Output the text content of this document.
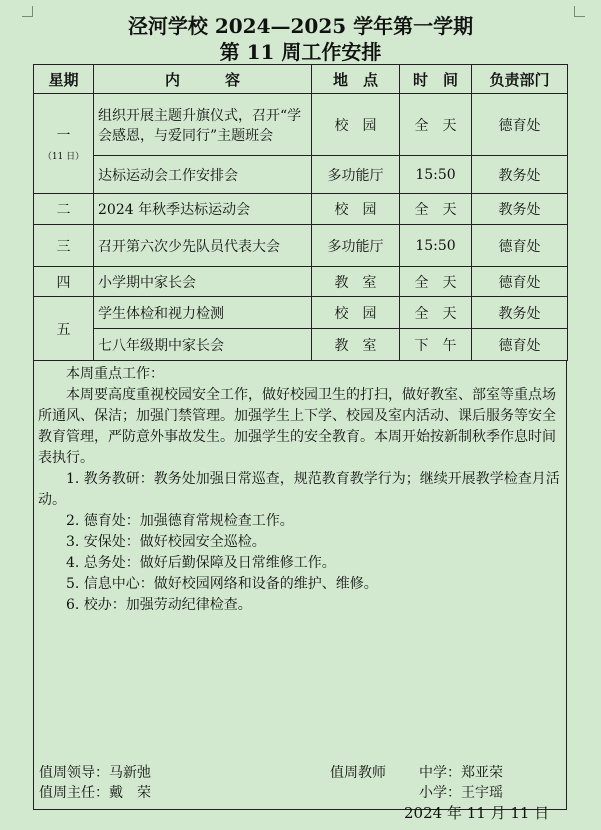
泾河学校 2024—2025 学年第一学期
第 11 周工作安排
星期	内　　　容	地　点	时　间	负责部门
一
（11 日）	组织开展主题升旗仪式，召开“学会感恩，与爱同行”主题班会	校　园	全　天	德育处
	达标运动会工作安排会	多功能厅	15:50	教务处
二	2024 年秋季达标运动会	校　园	全　天	教务处
三	召开第六次少先队员代表大会	多功能厅	15:50	德育处
四	小学期中家长会	教　室	全　天	德育处
五	学生体检和视力检测	校　园	全　天	教务处
	七八年级期中家长会	教　室	下　午	德育处

本周重点工作：

本周要高度重视校园安全工作，做好校园卫生的打扫，做好教室、部室等重点场所通风、保洁；加强门禁管理。加强学生上下学、校园及室内活动、课后服务等安全教育管理，严防意外事故发生。加强学生的安全教育。本周开始按新制秋季作息时间表执行。

1. 教务教研：教务处加强日常巡查，规范教育教学行为；继续开展教学检查月活动。

2. 德育处：加强德育常规检查工作。

3. 安保处：做好校园安全巡检。

4. 总务处：做好后勤保障及日常维修工作。

5. 信息中心：做好校园网络和设备的维护、维修。

6. 校办：加强劳动纪律检查。

值周领导：马新弛
值周主任：戴　荣
值周教师 中学：郑亚荣
小学：王宇瑶
2024 年 11 月 11 日
